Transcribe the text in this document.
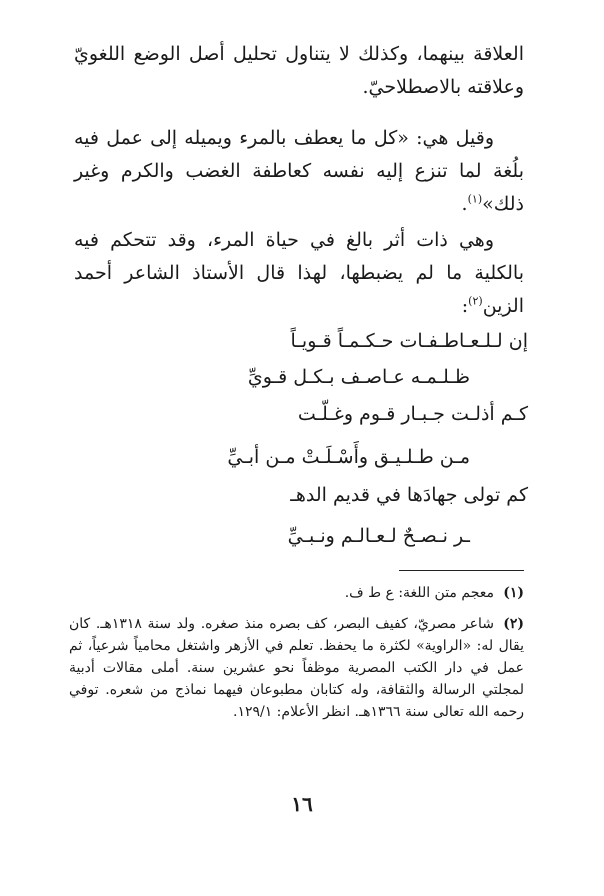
العلاقة بينهما، وكذلك لا يتناول تحليل أصل الوضع اللغويّ وعلاقته بالاصطلاحيّ.

وقيل هي: «كل ما يعطف بالمرء ويميله إلى عمل فيه بلُغة لما تنزع إليه نفسه كعاطفة الغضب والكرم وغير ذلك»$^{(١)}$.

وهي ذات أثر بالغ في حياة المرء، وقد تتحكم فيه بالكلية ما لم يضبطها، لهذا قال الأستاذ الشاعر أحمد الزين$^{(٢)}$:

إن لـلـعـاطـفـات حـكـمـاً قـويـاً

ظـلـمـه عـاصـف بـكـل قـويِّ

كـم أذلـت جـبـار قـوم وغـلّـت

مـن طـلـيـق وأَسْـلَـتْ مـن أبـيِّ

كم تولى جهادَها في قديم الدهـ

ـر نـصـحٌ لـعـالـم ونـبـيِّ

(١)معجم متن اللغة: ع ط ف.

(٢)شاعر مصريّ، كفيف البصر، كف بصره منذ صغره. ولد سنة ١٣١٨هـ. كان يقال له: «الراوية» لكثرة ما يحفظ. تعلم في الأزهر واشتغل محامياً شرعياً، ثم عمل في دار الكتب المصرية موظفاً نحو عشرين سنة. أملى مقالات أدبية لمجلتي الرسالة والثقافة، وله كتابان مطبوعان فيهما نماذج من شعره. توفي رحمه الله تعالى سنة ١٣٦٦هـ. انظر الأعلام: ١٢٩/١.

١٦
